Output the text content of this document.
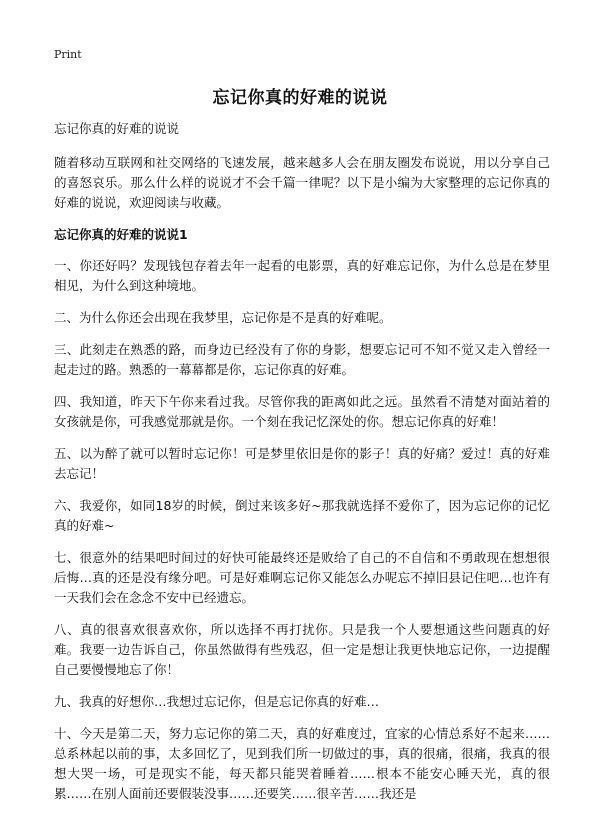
Print
忘记你真的好难的说说

忘记你真的好难的说说

随着移动互联网和社交网络的飞速发展，越来越多人会在朋友圈发布说说，用以分享自己的喜怒哀乐。那么什么样的说说才不会千篇一律呢？以下是小编为大家整理的忘记你真的好难的说说，欢迎阅读与收藏。

忘记你真的好难的说说1

一、你还好吗？发现钱包存着去年一起看的电影票，真的好难忘记你，为什么总是在梦里相见，为什么到这种境地。

二、为什么你还会出现在我梦里，忘记你是不是真的好难呢。

三、此刻走在熟悉的路，而身边已经没有了你的身影，想要忘记可不知不觉又走入曾经一起走过的路。熟悉的一幕幕都是你，忘记你真的好难。

四、我知道，昨天下午你来看过我。尽管你我的距离如此之远。虽然看不清楚对面站着的女孩就是你，可我感觉那就是你。一个刻在我记忆深处的你。想忘记你真的好难！

五、以为醉了就可以暂时忘记你！可是梦里依旧是你的影子！真的好痛？爱过！真的好难去忘记！

六、我爱你，如同18岁的时候，倒过来该多好~那我就选择不爱你了，因为忘记你的记忆真的好难~

七、很意外的结果吧时间过的好快可能最终还是败给了自己的不自信和不勇敢现在想想很后悔…真的还是没有缘分吧。可是好难啊忘记你又能怎么办呢忘不掉旧县记住吧…也许有一天我们会在念念不安中已经遗忘。

八、真的很喜欢很喜欢你，所以选择不再打扰你。只是我一个人要想通这些问题真的好难。我要一边告诉自己，你虽然做得有些残忍，但一定是想让我更快地忘记你，一边提醒自己要慢慢地忘了你！

九、我真的好想你…我想过忘记你，但是忘记你真的好难…

十、今天是第二天，努力忘记你的第二天，真的好难度过，宜家的心情总系好不起来……总系林起以前的事，太多回忆了，见到我们所一切做过的事，真的很痛，很痛，我真的很想大哭一场，可是现实不能，每天都只能哭着睡着……根本不能安心睡天光，真的很累……在别人面前还要假装没事……还要笑……很辛苦……我还是
